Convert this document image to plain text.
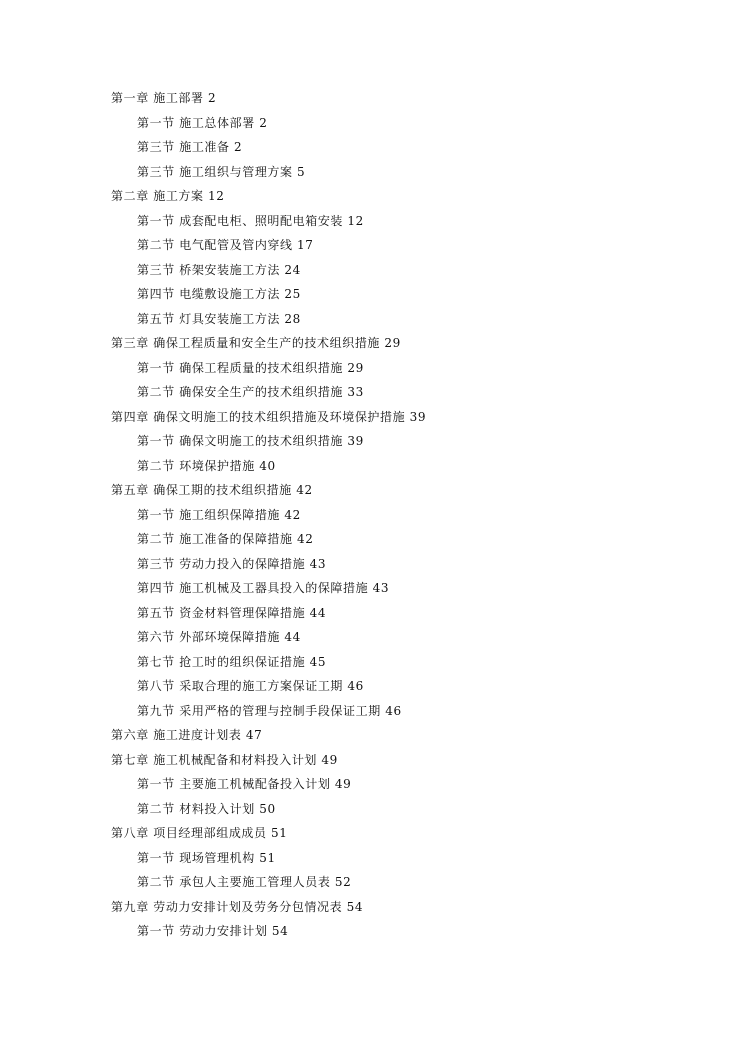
第一章 施工部署 2
第一节 施工总体部署 2
第三节 施工准备 2
第三节 施工组织与管理方案 5
第二章 施工方案 12
第一节 成套配电柜、照明配电箱安装 12
第二节 电气配管及管内穿线 17
第三节 桥架安装施工方法 24
第四节 电缆敷设施工方法 25
第五节 灯具安装施工方法 28
第三章 确保工程质量和安全生产的技术组织措施 29
第一节 确保工程质量的技术组织措施 29
第二节 确保安全生产的技术组织措施 33
第四章 确保文明施工的技术组织措施及环境保护措施 39
第一节 确保文明施工的技术组织措施 39
第二节 环境保护措施 40
第五章 确保工期的技术组织措施 42
第一节 施工组织保障措施 42
第二节 施工准备的保障措施 42
第三节 劳动力投入的保障措施 43
第四节 施工机械及工器具投入的保障措施 43
第五节 资金材料管理保障措施 44
第六节 外部环境保障措施 44
第七节 抢工时的组织保证措施 45
第八节 采取合理的施工方案保证工期 46
第九节 采用严格的管理与控制手段保证工期 46
第六章 施工进度计划表 47
第七章 施工机械配备和材料投入计划 49
第一节 主要施工机械配备投入计划 49
第二节 材料投入计划 50
第八章 项目经理部组成成员 51
第一节 现场管理机构 51
第二节 承包人主要施工管理人员表 52
第九章 劳动力安排计划及劳务分包情况表 54
第一节 劳动力安排计划 54
